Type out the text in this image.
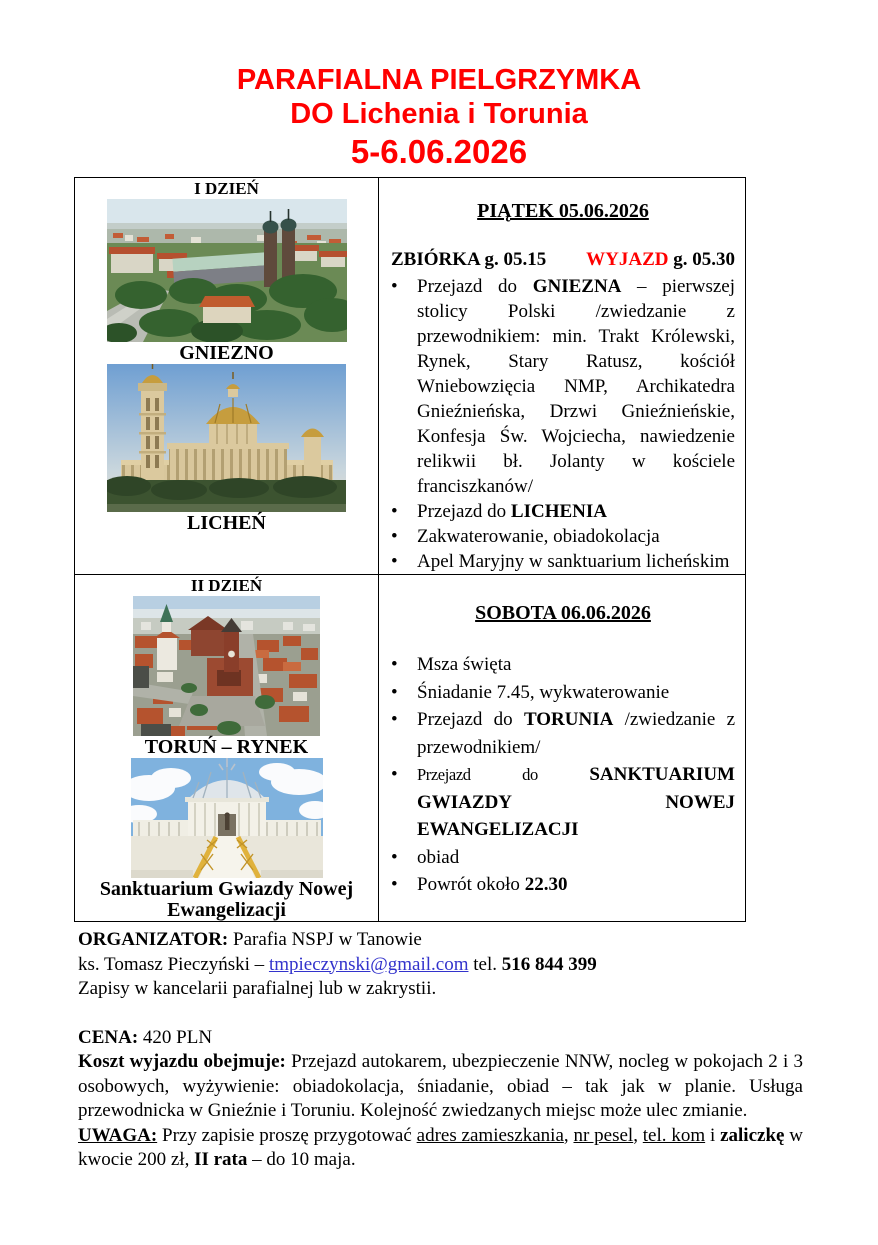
PARAFIALNA PIELGRZYMKA
DO Lichenia i Torunia
5-6.06.2026
I DZIEŃ
GNIEZNO
LICHEŃ

PIĄTEK 05.06.2026
ZBIÓRKA g. 05.15 WYJAZD g. 05.30
•	Przejazd do GNIEZNA – pierwszej stolicy Polski /zwiedzanie z przewodnikiem: min. Trakt Królewski, Rynek, Stary Ratusz, kościół Wniebowzięcia NMP, Archikatedra Gnieźnieńska, Drzwi Gnieźnieńskie, Konfesja Św. Wojciecha, nawiedzenie relikwii bł. Jolanty w kościele franciszkanów/
•	Przejazd do LICHENIA
•	Zakwaterowanie, obiadokolacja
•	Apel Maryjny w sanktuarium licheńskim

II DZIEŃ
TORUŃ – RYNEK
Sanktuarium Gwiazdy Nowej Ewangelizacji

SOBOTA 06.06.2026
•	Msza święta
•	Śniadanie 7.45, wykwaterowanie
•	Przejazd do TORUNIA /zwiedzanie z przewodnikiem/
•	Przejazd do SANKTUARIUM GWIAZDY NOWEJ EWANGELIZACJI
•	obiad
•	Powrót około 22.30

ORGANIZATOR: Parafia NSPJ w Tanowie

ks. Tomasz Pieczyński – tmpieczynski@gmail.com tel. 516 844 399

Zapisy w kancelarii parafialnej lub w zakrystii.

CENA: 420 PLN

Koszt wyjazdu obejmuje: Przejazd autokarem, ubezpieczenie NNW, nocleg w pokojach 2 i 3 osobowych, wyżywienie: obiadokolacja, śniadanie, obiad – tak jak w planie. Usługa przewodnicka w Gnieźnie i Toruniu. Kolejność zwiedzanych miejsc może ulec zmianie.

UWAGA: Przy zapisie proszę przygotować adres zamieszkania, nr pesel, tel. kom i zaliczkę w kwocie 200 zł, II rata – do 10 maja.
